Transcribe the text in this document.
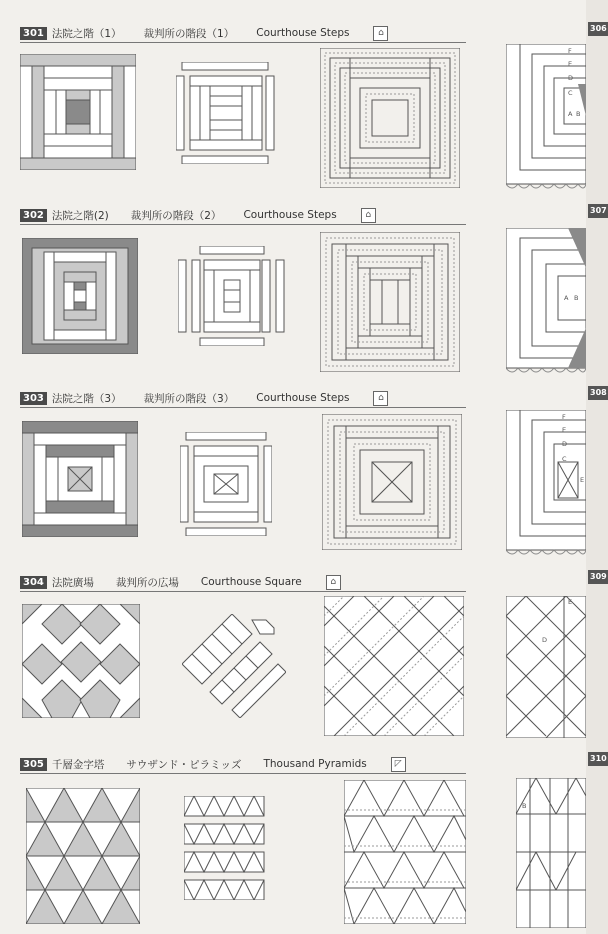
301 法院之階（1） 裁判所の階段（1） Courthouse Steps	⌂
302 法院之階(2) 裁判所の階段（2） Courthouse Steps	⌂
303 法院之階（3） 裁判所の階段（3） Courthouse Steps	⌂
304 法院廣場 裁判所の広場 Courthouse Square	⌂
305 千層金字塔 サウザンド・ピラミッズ Thousand Pyramids	◸
F
E
D
C
A B
A B
F
E
D
C
E
D
E
B
306
307
308
309
310
